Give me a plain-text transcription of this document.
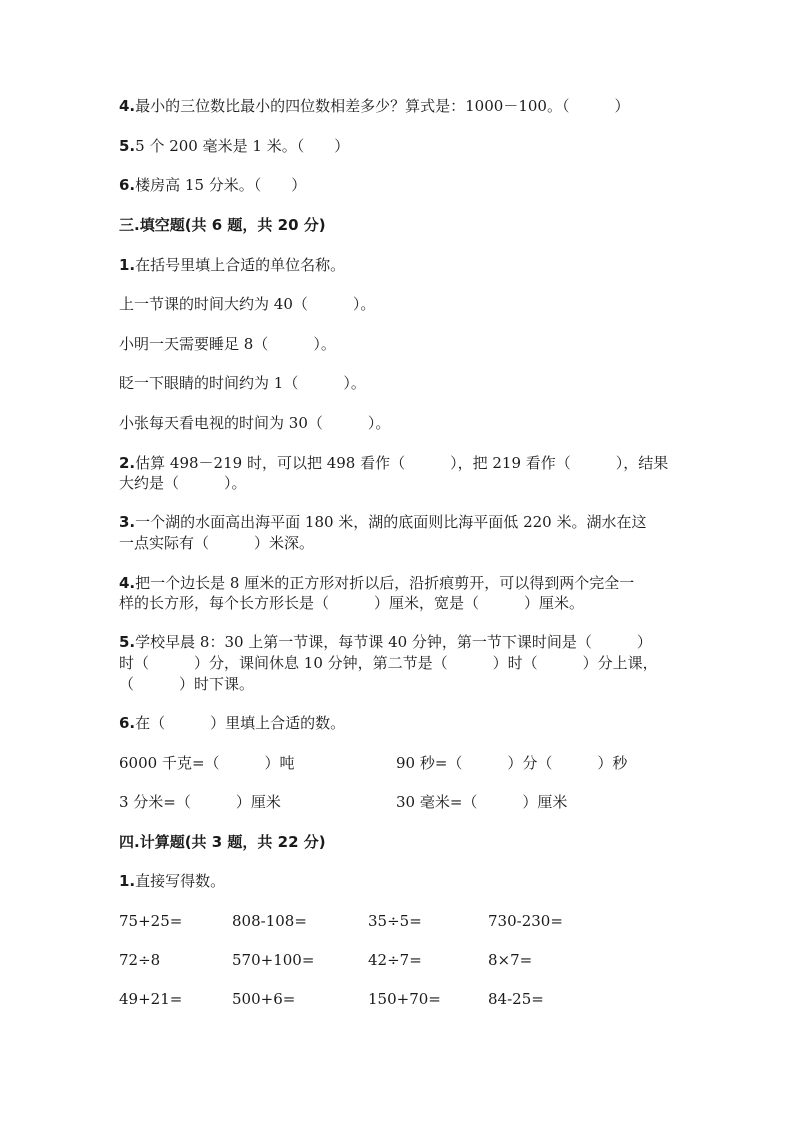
4.最小的三位数比最小的四位数相差多少？算式是：1000－100。（　　　）
5.5 个 200 毫米是 1 米。（　　）
6.楼房高 15 分米。（　　）
三.填空题(共 6 题，共 20 分)
1.在括号里填上合适的单位名称。
上一节课的时间大约为 40（　　　）。
小明一天需要睡足 8（　　　）。
眨一下眼睛的时间约为 1（　　　）。
小张每天看电视的时间为 30（　　　）。
2.估算 498－219 时，可以把 498 看作（　　　），把 219 看作（　　　），结果
大约是（　　　）。
3.一个湖的水面高出海平面 180 米，湖的底面则比海平面低 220 米。湖水在这
一点实际有（　　　）米深。
4.把一个边长是 8 厘米的正方形对折以后，沿折痕剪开，可以得到两个完全一
样的长方形，每个长方形长是（　　　）厘米，宽是（　　　）厘米。
5.学校早晨 8：30 上第一节课，每节课 40 分钟，第一节下课时间是（　　　）
时（　　　）分，课间休息 10 分钟，第二节是（　　　）时（　　　）分上课，
（　　　）时下课。
6.在（　　　）里填上合适的数。
6000 千克=（　　　）吨	90 秒=（　　　）分（　　　）秒
3 分米=（　　　）厘米	30 毫米=（　　　）厘米
四.计算题(共 3 题，共 22 分)
1.直接写得数。
75+25=	808-108=	35÷5=	730-230=
72÷8	570+100=	42÷7=	8×7=
49+21=	500+6=	150+70=	84-25=
